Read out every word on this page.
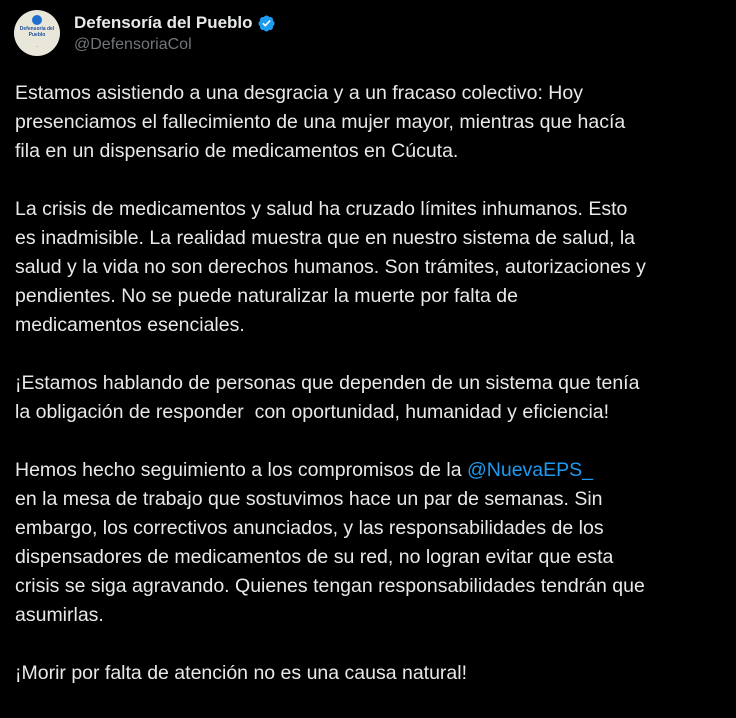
Defensoría del Pueblo
~
Defensoría del Pueblo
@DefensoriaCol
Estamos asistiendo a una desgracia y a un fracaso colectivo: Hoy
presenciamos el fallecimiento de una mujer mayor, mientras que hacía
fila en un dispensario de medicamentos en Cúcuta.
La crisis de medicamentos y salud ha cruzado límites inhumanos. Esto
es inadmisible. La realidad muestra que en nuestro sistema de salud, la
salud y la vida no son derechos humanos. Son trámites, autorizaciones y
pendientes. No se puede naturalizar la muerte por falta de
medicamentos esenciales.
¡Estamos hablando de personas que dependen de un sistema que tenía
la obligación de responder  con oportunidad, humanidad y eficiencia!
Hemos hecho seguimiento a los compromisos de la @NuevaEPS_
en la mesa de trabajo que sostuvimos hace un par de semanas. Sin
embargo, los correctivos anunciados, y las responsabilidades de los
dispensadores de medicamentos de su red, no logran evitar que esta
crisis se siga agravando. Quienes tengan responsabilidades tendrán que
asumirlas.
¡Morir por falta de atención no es una causa natural!
